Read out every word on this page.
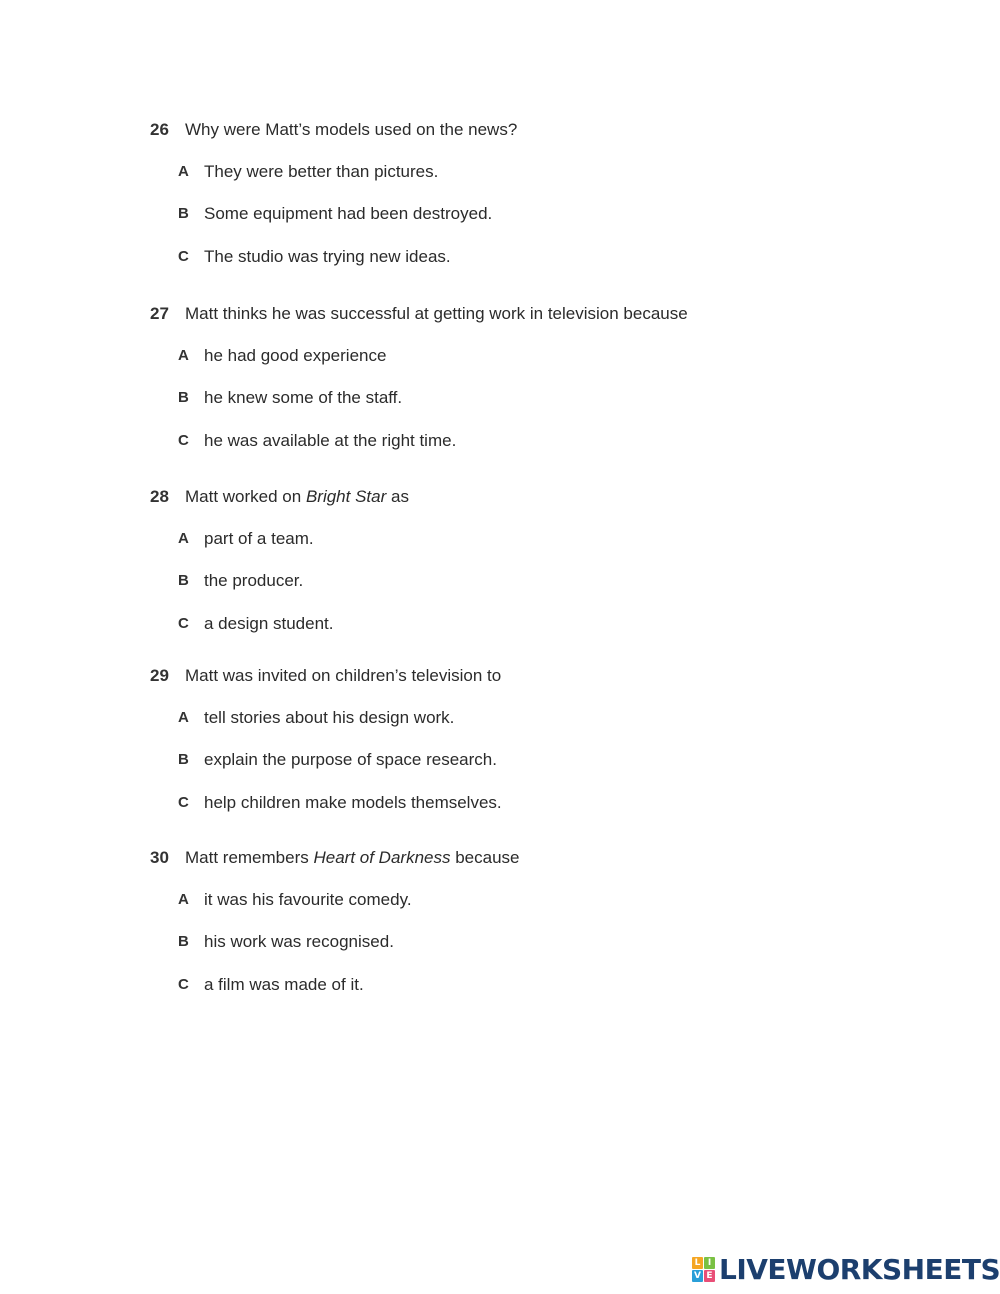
26 Why were Matt’s models used on the news?
A They were better than pictures.
B Some equipment had been destroyed.
C The studio was trying new ideas.
27 Matt thinks he was successful at getting work in television because
A he had good experience
B he knew some of the staff.
C he was available at the right time.
28 Matt worked on Bright Star as
A part of a team.
B the producer.
C a design student.
29 Matt was invited on children’s television to
A tell stories about his design work.
B explain the purpose of space research.
C help children make models themselves.
30 Matt remembers Heart of Darkness because
A it was his favourite comedy.
B his work was recognised.
C a film was made of it.
L I
V E LIVEWORKSHEETS
